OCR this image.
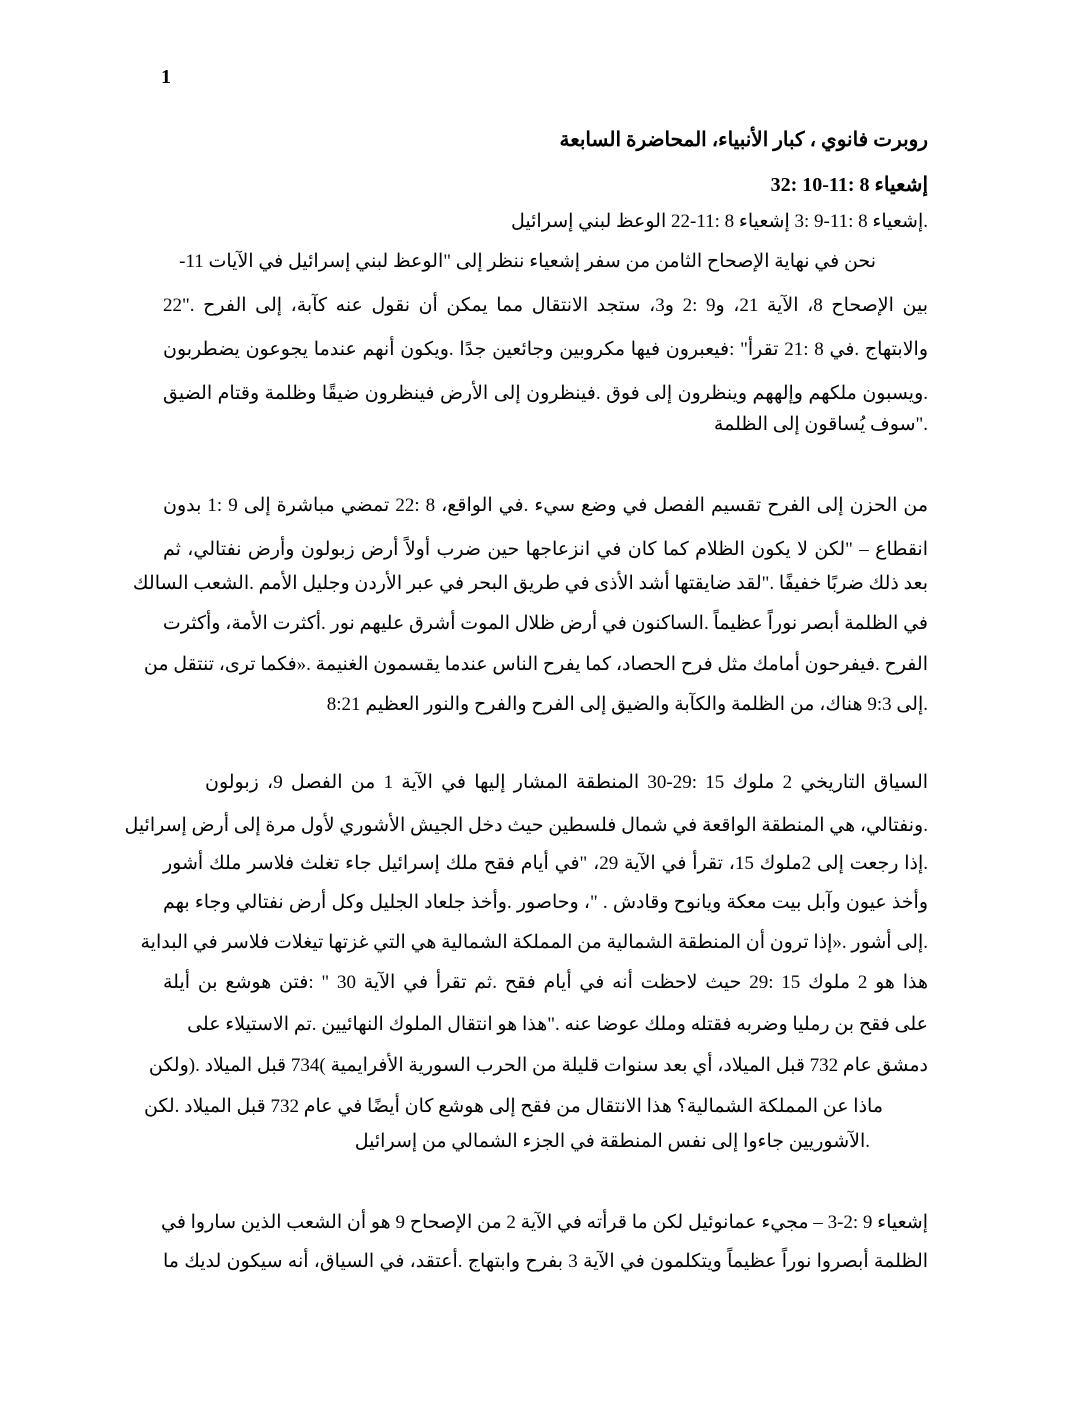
1
روبرت فانوي ، كبار الأنبياء، المحاضرة السابعة
إشعياء 8 :11-10 :32
.إشعياء 8 :11-9 :3 إشعياء 8 :11-22 الوعظ لبني إسرائيل
نحن في نهاية الإصحاح الثامن من سفر إشعياء ننظر إلى "الوعظ لبني إسرائيل في الآيات 11-
بين الإصحاح 8، الآية 21، و9 :2 و3، ستجد الانتقال مما يمكن أن نقول عنه كآبة، إلى الفرح ."22
والابتهاج .في 8 :21 تقرأ" :فيعبرون فيها مكروبين وجائعين جدًا .ويكون أنهم عندما يجوعون يضطربون
.ويسبون ملكهم وإلههم وينظرون إلى فوق .فينظرون إلى الأرض فينظرون ضيقًا وظلمة وقتام الضيق
."سوف يُساقون إلى الظلمة
من الحزن إلى الفرح تقسيم الفصل في وضع سيء .في الواقع، 8 :22 تمضي مباشرة إلى 9 :1 بدون
انقطاع – "لكن لا يكون الظلام كما كان في انزعاجها حين ضرب أولاً أرض زبولون وأرض نفتالي، ثم
بعد ذلك ضربًا خفيفًا ."لقد ضايقتها أشد الأذى في طريق البحر في عبر الأردن وجليل الأمم .الشعب السالك
في الظلمة أبصر نوراً عظيماً .الساكنون في أرض ظلال الموت أشرق عليهم نور .أكثرت الأمة، وأكثرت
الفرح .فيفرحون أمامك مثل فرح الحصاد، كما يفرح الناس عندما يقسمون الغنيمة .«فكما ترى، تنتقل من
.إلى 9:3 هناك، من الظلمة والكآبة والضيق إلى الفرح والفرح والنور العظيم 8:21
السياق التاريخي 2 ملوك 15 :29-30 المنطقة المشار إليها في الآية 1 من الفصل 9، زبولون
.ونفتالي، هي المنطقة الواقعة في شمال فلسطين حيث دخل الجيش الأشوري لأول مرة إلى أرض إسرائيل
.إذا رجعت إلى 2ملوك 15، تقرأ في الآية 29، "في أيام فقح ملك إسرائيل جاء تغلث فلاسر ملك أشور
وأخذ عيون وآبل بيت معكة ويانوح وقادش . "، وحاصور .وأخذ جلعاد الجليل وكل أرض نفتالي وجاء بهم
.إلى أشور .«إذا ترون أن المنطقة الشمالية من المملكة الشمالية هي التي غزتها تيغلات فلاسر في البداية
هذا هو 2 ملوك 15 :29 حيث لاحظت أنه في أيام فقح .ثم تقرأ في الآية 30 " :فتن هوشع بن أيلة
على فقح بن رمليا وضربه فقتله وملك عوضا عنه ."هذا هو انتقال الملوك النهائيين .تم الاستيلاء على
دمشق عام 732 قبل الميلاد، أي بعد سنوات قليلة من الحرب السورية الأفرايمية )734 قبل الميلاد .(ولكن
ماذا عن المملكة الشمالية؟ هذا الانتقال من فقح إلى هوشع كان أيضًا في عام 732 قبل الميلاد .لكن
.الآشوريين جاءوا إلى نفس المنطقة في الجزء الشمالي من إسرائيل
إشعياء 9 :2-3 – مجيء عمانوئيل لكن ما قرأته في الآية 2 من الإصحاح 9 هو أن الشعب الذين ساروا في
الظلمة أبصروا نوراً عظيماً ويتكلمون في الآية 3 بفرح وابتهاج .أعتقد، في السياق، أنه سيكون لديك ما
